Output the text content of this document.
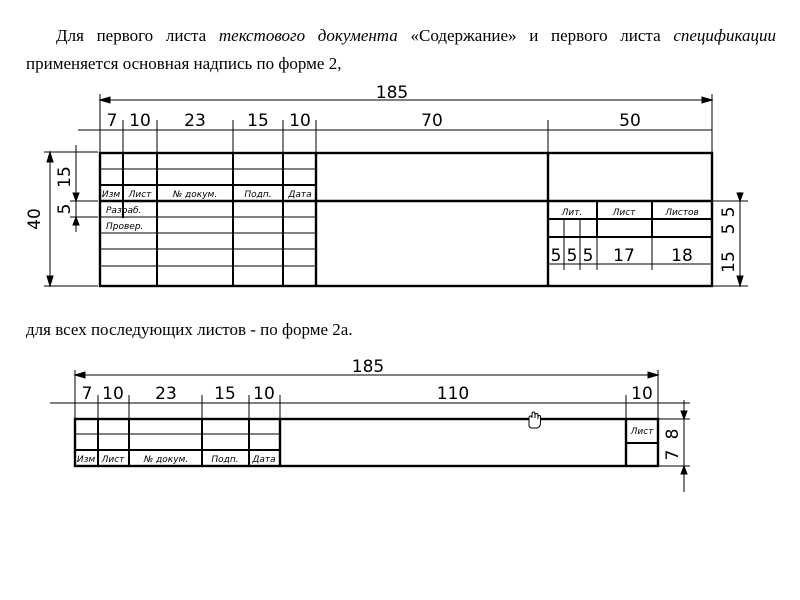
Для первого листа текстового документа «Содержание» и первого листа спецификации применяется основная надпись по форме 2,
185
7 10 23 15 10	70	50
40
15
5
5 5 5 17 18
5
5
15
Изм Лист № докум.	Подп. Дата
Разраб.
Провер.
Лит.	Лист	Листов
для всех последующих листов - по форме 2а.
185
7 10 23 15 10	110	10
8
7
Изм Лист № докум.	Подп. Дата
Лист
